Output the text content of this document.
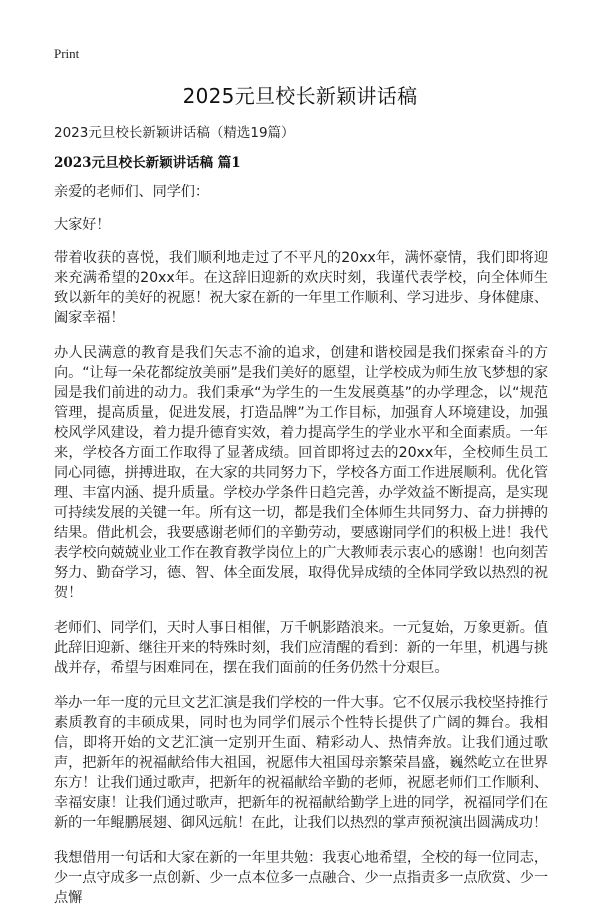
Print
2025元旦校长新颖讲话稿
2023元旦校长新颖讲话稿（精选19篇）
2023元旦校长新颖讲话稿 篇1

亲爱的老师们、同学们：

大家好！

带着收获的喜悦，我们顺利地走过了不平凡的20xx年，满怀豪情，我们即将迎来充满希望的20xx年。在这辞旧迎新的欢庆时刻，我谨代表学校，向全体师生致以新年的美好的祝愿！祝大家在新的一年里工作顺利、学习进步、身体健康、阖家幸福！

办人民满意的教育是我们矢志不渝的追求，创建和谐校园是我们探索奋斗的方向。“让每一朵花都绽放美丽”是我们美好的愿望，让学校成为师生放飞梦想的家园是我们前进的动力。我们秉承“为学生的一生发展奠基”的办学理念，以“规范管理，提高质量，促进发展，打造品牌”为工作目标，加强育人环境建设，加强校风学风建设，着力提升德育实效，着力提高学生的学业水平和全面素质。一年来，学校各方面工作取得了显著成绩。回首即将过去的20xx年，全校师生员工同心同德，拼搏进取，在大家的共同努力下，学校各方面工作进展顺利。优化管理、丰富内涵、提升质量。学校办学条件日趋完善，办学效益不断提高，是实现可持续发展的关键一年。所有这一切，都是我们全体师生共同努力、奋力拼搏的结果。借此机会，我要感谢老师们的辛勤劳动，要感谢同学们的积极上进！我代表学校向兢兢业业工作在教育教学岗位上的广大教师表示衷心的感谢！也向刻苦努力、勤奋学习，德、智、体全面发展，取得优异成绩的全体同学致以热烈的祝贺！

老师们、同学们，天时人事日相催，万千帆影踏浪来。一元复始，万象更新。值此辞旧迎新、继往开来的特殊时刻，我们应清醒的看到：新的一年里，机遇与挑战并存，希望与困难同在，摆在我们面前的任务仍然十分艰巨。

举办一年一度的元旦文艺汇演是我们学校的一件大事。它不仅展示我校坚持推行素质教育的丰硕成果，同时也为同学们展示个性特长提供了广阔的舞台。我相信，即将开始的文艺汇演一定别开生面、精彩动人、热情奔放。让我们通过歌声，把新年的祝福献给伟大祖国，祝愿伟大祖国母亲繁荣昌盛，巍然屹立在世界东方！让我们通过歌声，把新年的祝福献给辛勤的老师，祝愿老师们工作顺利、幸福安康！让我们通过歌声，把新年的祝福献给勤学上进的同学，祝福同学们在新的一年鲲鹏展翅、御风远航！在此，让我们以热烈的掌声预祝演出圆满成功！

我想借用一句话和大家在新的一年里共勉：我衷心地希望，全校的每一位同志，少一点守成多一点创新、少一点本位多一点融合、少一点指责多一点欣赏、少一点懈
